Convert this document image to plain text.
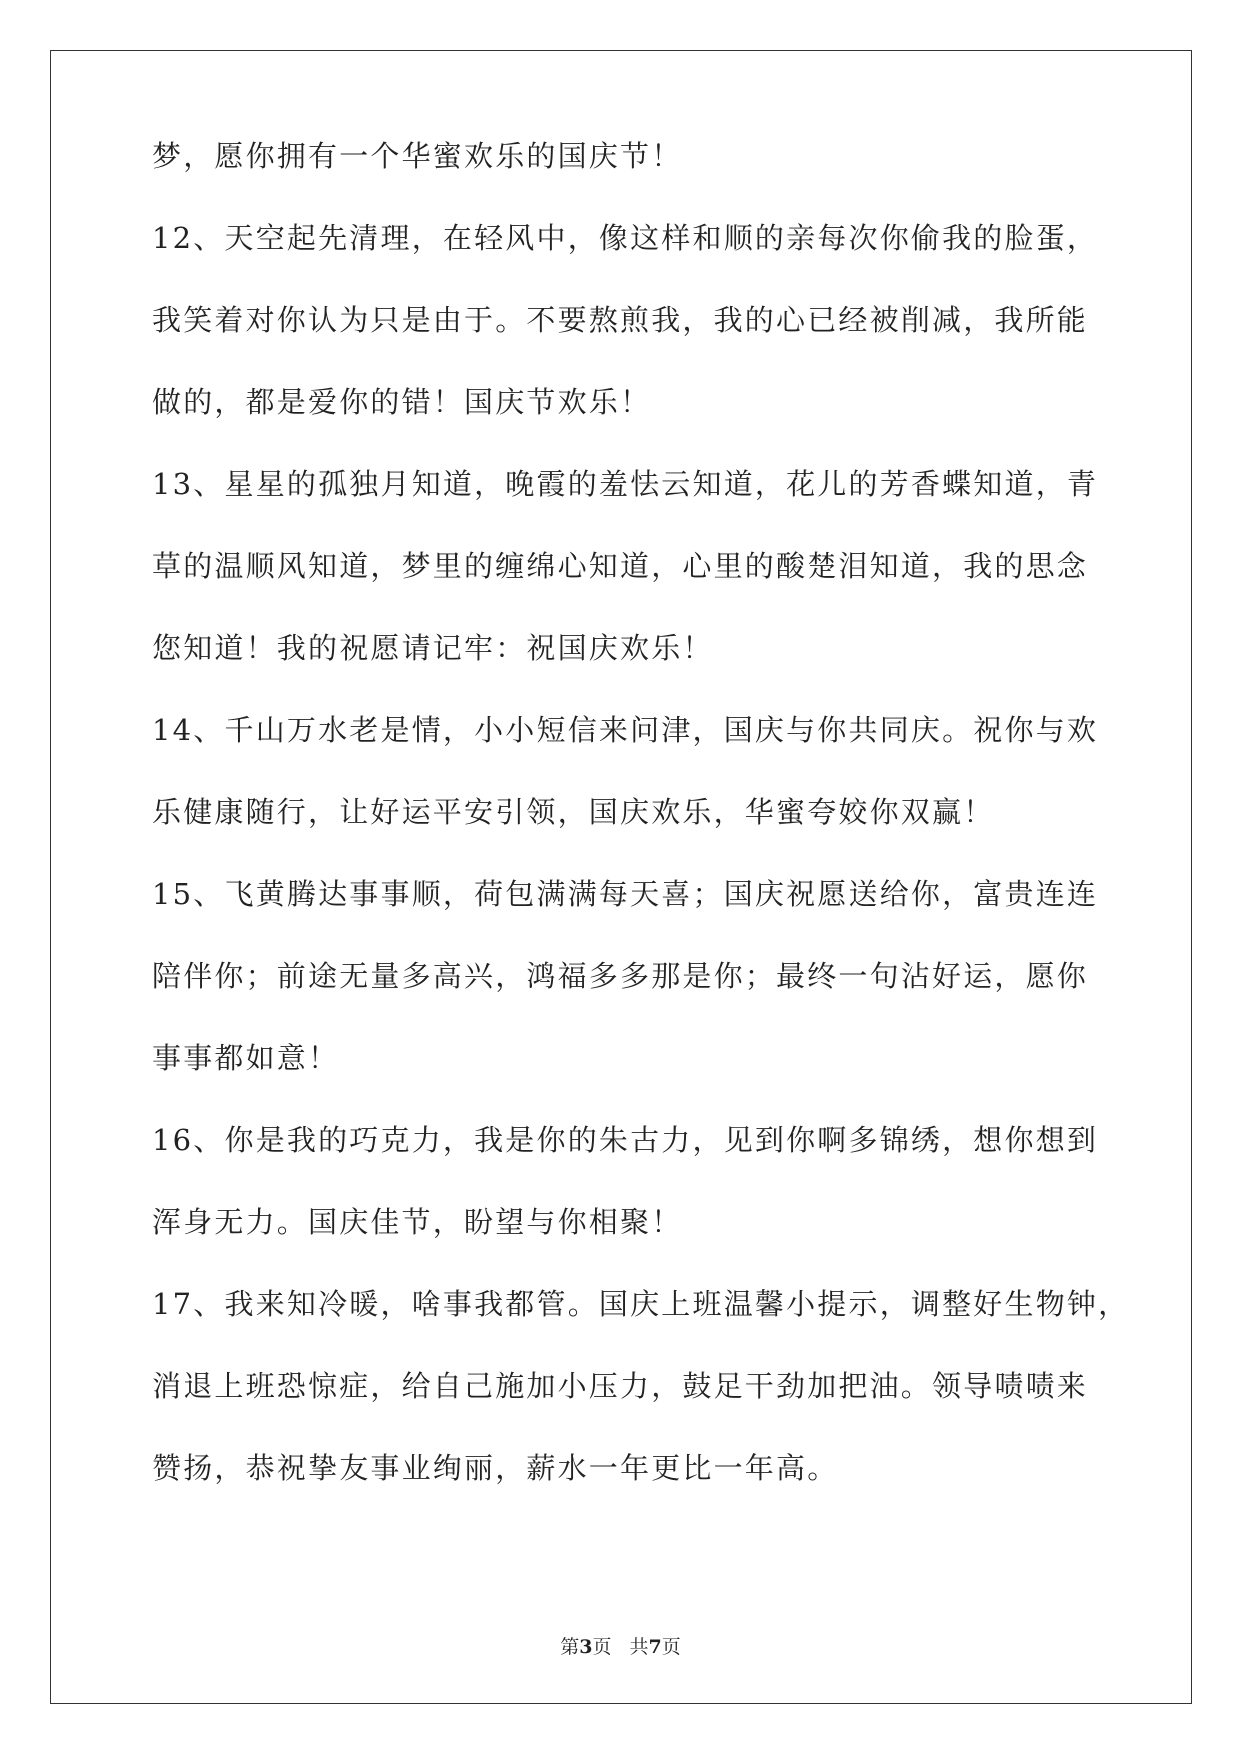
梦，愿你拥有一个华蜜欢乐的国庆节！
12、天空起先清理，在轻风中，像这样和顺的亲每次你偷我的脸蛋，
我笑着对你认为只是由于。不要熬煎我，我的心已经被削减，我所能
做的，都是爱你的错！国庆节欢乐！
13、星星的孤独月知道，晚霞的羞怯云知道，花儿的芳香蝶知道，青
草的温顺风知道，梦里的缠绵心知道，心里的酸楚泪知道，我的思念
您知道！我的祝愿请记牢：祝国庆欢乐！
14、千山万水老是情，小小短信来问津，国庆与你共同庆。祝你与欢
乐健康随行，让好运平安引领，国庆欢乐，华蜜夸姣你双赢！
15、飞黄腾达事事顺，荷包满满每天喜；国庆祝愿送给你，富贵连连
陪伴你；前途无量多高兴，鸿福多多那是你；最终一句沾好运，愿你
事事都如意！
16、你是我的巧克力，我是你的朱古力，见到你啊多锦绣，想你想到
浑身无力。国庆佳节，盼望与你相聚！
17、我来知冷暖，啥事我都管。国庆上班温馨小提示，调整好生物钟，
消退上班恐惊症，给自己施加小压力，鼓足干劲加把油。领导啧啧来
赞扬，恭祝挚友事业绚丽，薪水一年更比一年高。
第3页 共7页
